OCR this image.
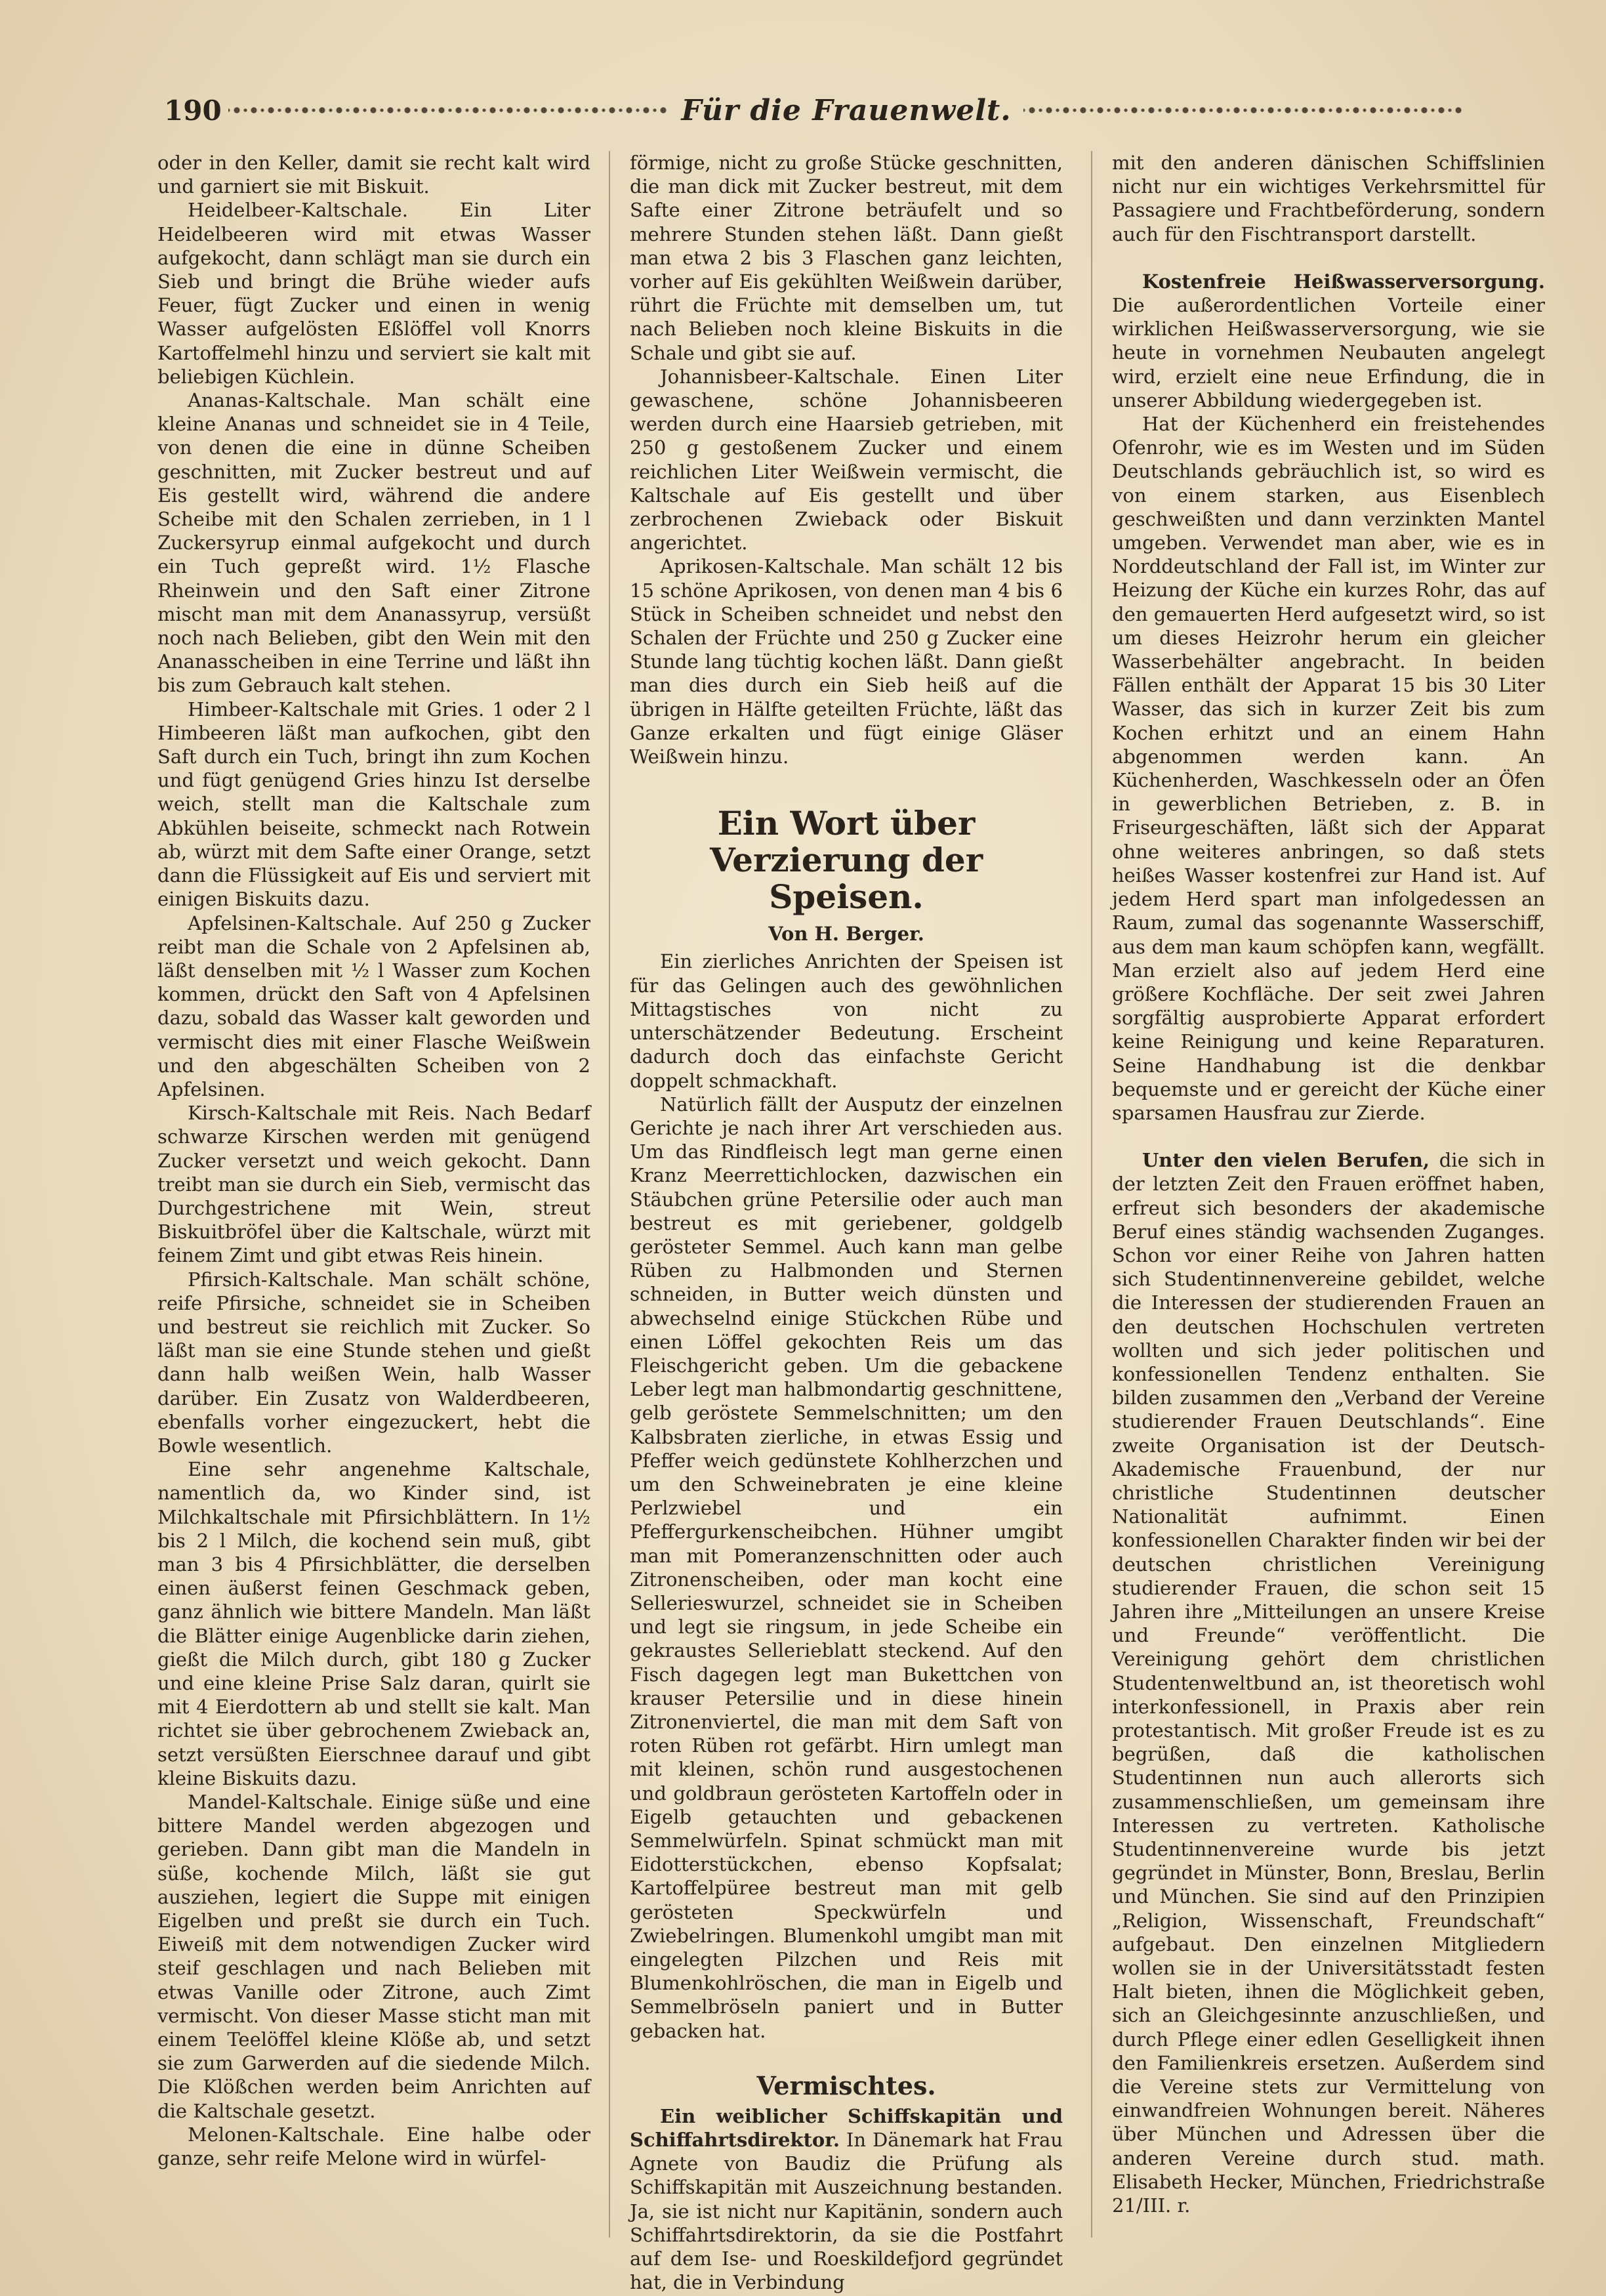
190	Für die Frauenwelt.

oder in den Keller, damit sie recht kalt wird und garniert sie mit Biskuit.

Heidelbeer-Kaltschale. Ein Liter Heidelbeeren wird mit etwas Wasser aufgekocht, dann schlägt man sie durch ein Sieb und bringt die Brühe wieder aufs Feuer, fügt Zucker und einen in wenig Wasser aufgelösten Eßlöffel voll Knorrs Kartoffelmehl hinzu und serviert sie kalt mit beliebigen Küchlein.

Ananas-Kaltschale. Man schält eine kleine Ananas und schneidet sie in 4 Teile, von denen die eine in dünne Scheiben geschnitten, mit Zucker bestreut und auf Eis gestellt wird, während die andere Scheibe mit den Schalen zerrieben, in 1 l Zuckersyrup einmal aufgekocht und durch ein Tuch gepreßt wird. 1½ Flasche Rheinwein und den Saft einer Zitrone mischt man mit dem Ananassyrup, versüßt noch nach Belieben, gibt den Wein mit den Ananasscheiben in eine Terrine und läßt ihn bis zum Gebrauch kalt stehen.

Himbeer-Kaltschale mit Gries. 1 oder 2 l Himbeeren läßt man aufkochen, gibt den Saft durch ein Tuch, bringt ihn zum Kochen und fügt genügend Gries hinzu Ist derselbe weich, stellt man die Kaltschale zum Abkühlen beiseite, schmeckt nach Rotwein ab, würzt mit dem Safte einer Orange, setzt dann die Flüssigkeit auf Eis und serviert mit einigen Biskuits dazu.

Apfelsinen-Kaltschale. Auf 250 g Zucker reibt man die Schale von 2 Apfelsinen ab, läßt denselben mit ½ l Wasser zum Kochen kommen, drückt den Saft von 4 Apfelsinen dazu, sobald das Wasser kalt geworden und vermischt dies mit einer Flasche Weißwein und den abgeschälten Scheiben von 2 Apfelsinen.

Kirsch-Kaltschale mit Reis. Nach Bedarf schwarze Kirschen werden mit genügend Zucker versetzt und weich gekocht. Dann treibt man sie durch ein Sieb, vermischt das Durchgestrichene mit Wein, streut Biskuitbröfel über die Kaltschale, würzt mit feinem Zimt und gibt etwas Reis hinein.

Pfirsich-Kaltschale. Man schält schöne, reife Pfirsiche, schneidet sie in Scheiben und bestreut sie reichlich mit Zucker. So läßt man sie eine Stunde stehen und gießt dann halb weißen Wein, halb Wasser darüber. Ein Zusatz von Walderdbeeren, ebenfalls vorher eingezuckert, hebt die Bowle wesentlich.

Eine sehr angenehme Kaltschale, namentlich da, wo Kinder sind, ist Milchkaltschale mit Pfirsichblättern. In 1½ bis 2 l Milch, die kochend sein muß, gibt man 3 bis 4 Pfirsichblätter, die derselben einen äußerst feinen Geschmack geben, ganz ähnlich wie bittere Mandeln. Man läßt die Blätter einige Augenblicke darin ziehen, gießt die Milch durch, gibt 180 g Zucker und eine kleine Prise Salz daran, quirlt sie mit 4 Eierdottern ab und stellt sie kalt. Man richtet sie über gebrochenem Zwieback an, setzt versüßten Eierschnee darauf und gibt kleine Biskuits dazu.

Mandel-Kaltschale. Einige süße und eine bittere Mandel werden abgezogen und gerieben. Dann gibt man die Mandeln in süße, kochende Milch, läßt sie gut ausziehen, legiert die Suppe mit einigen Eigelben und preßt sie durch ein Tuch. Eiweiß mit dem notwendigen Zucker wird steif geschlagen und nach Belieben mit etwas Vanille oder Zitrone, auch Zimt vermischt. Von dieser Masse sticht man mit einem Teelöffel kleine Klöße ab, und setzt sie zum Garwerden auf die siedende Milch. Die Klößchen werden beim Anrichten auf die Kaltschale gesetzt.

Melonen-Kaltschale. Eine halbe oder ganze, sehr reife Melone wird in würfel-

förmige, nicht zu große Stücke geschnitten, die man dick mit Zucker bestreut, mit dem Safte einer Zitrone beträufelt und so mehrere Stunden stehen läßt. Dann gießt man etwa 2 bis 3 Flaschen ganz leichten, vorher auf Eis gekühlten Weißwein darüber, rührt die Früchte mit demselben um, tut nach Belieben noch kleine Biskuits in die Schale und gibt sie auf.

Johannisbeer-Kaltschale. Einen Liter gewaschene, schöne Johannisbeeren werden durch eine Haarsieb getrieben, mit 250 g gestoßenem Zucker und einem reichlichen Liter Weißwein vermischt, die Kaltschale auf Eis gestellt und über zerbrochenen Zwieback oder Biskuit angerichtet.

Aprikosen-Kaltschale. Man schält 12 bis 15 schöne Aprikosen, von denen man 4 bis 6 Stück in Scheiben schneidet und nebst den Schalen der Früchte und 250 g Zucker eine Stunde lang tüchtig kochen läßt. Dann gießt man dies durch ein Sieb heiß auf die übrigen in Hälfte geteilten Früchte, läßt das Ganze erkalten und fügt einige Gläser Weißwein hinzu.

Ein Wort über Verzierung der Speisen.
Von H. Berger.

Ein zierliches Anrichten der Speisen ist für das Gelingen auch des gewöhnlichen Mittagstisches von nicht zu unterschätzender Bedeutung. Erscheint dadurch doch das einfachste Gericht doppelt schmackhaft.

Natürlich fällt der Ausputz der einzelnen Gerichte je nach ihrer Art verschieden aus. Um das Rindfleisch legt man gerne einen Kranz Meerrettichlocken, dazwischen ein Stäubchen grüne Petersilie oder auch man bestreut es mit geriebener, goldgelb gerösteter Semmel. Auch kann man gelbe Rüben zu Halbmonden und Sternen schneiden, in Butter weich dünsten und abwechselnd einige Stückchen Rübe und einen Löffel gekochten Reis um das Fleischgericht geben. Um die gebackene Leber legt man halbmondartig geschnittene, gelb geröstete Semmelschnitten; um den Kalbsbraten zierliche, in etwas Essig und Pfeffer weich gedünstete Kohlherzchen und um den Schweinebraten je eine kleine Perlzwiebel und ein Pfeffergurkenscheibchen. Hühner umgibt man mit Pomeranzenschnitten oder auch Zitronenscheiben, oder man kocht eine Sellerieswurzel, schneidet sie in Scheiben und legt sie ringsum, in jede Scheibe ein gekraustes Sellerieblatt steckend. Auf den Fisch dagegen legt man Bukettchen von krauser Petersilie und in diese hinein Zitronenviertel, die man mit dem Saft von roten Rüben rot gefärbt. Hirn umlegt man mit kleinen, schön rund ausgestochenen und goldbraun gerösteten Kartoffeln oder in Eigelb getauchten und gebackenen Semmelwürfeln. Spinat schmückt man mit Eidotterstückchen, ebenso Kopfsalat; Kartoffelpüree bestreut man mit gelb gerösteten Speckwürfeln und Zwiebelringen. Blumenkohl umgibt man mit eingelegten Pilzchen und Reis mit Blumenkohlröschen, die man in Eigelb und Semmelbröseln paniert und in Butter gebacken hat.

Vermischtes.

Ein weiblicher Schiffskapitän und Schiffahrtsdirektor. In Dänemark hat Frau Agnete von Baudiz die Prüfung als Schiffskapitän mit Auszeichnung bestanden. Ja, sie ist nicht nur Kapitänin, sondern auch Schiffahrtsdirektorin, da sie die Postfahrt auf dem Ise- und Roeskildefjord gegründet hat, die in Verbindung

mit den anderen dänischen Schiffslinien nicht nur ein wichtiges Verkehrsmittel für Passagiere und Frachtbeförderung, sondern auch für den Fischtransport darstellt.

Kostenfreie Heißwasserversorgung. Die außerordentlichen Vorteile einer wirklichen Heißwasserversorgung, wie sie heute in vornehmen Neubauten angelegt wird, erzielt eine neue Erfindung, die in unserer Abbildung wiedergegeben ist.

Hat der Küchenherd ein freistehendes Ofenrohr, wie es im Westen und im Süden Deutschlands gebräuchlich ist, so wird es von einem starken, aus Eisenblech geschweißten und dann verzinkten Mantel umgeben. Verwendet man aber, wie es in Norddeutschland der Fall ist, im Winter zur Heizung der Küche ein kurzes Rohr, das auf den gemauerten Herd aufgesetzt wird, so ist um dieses Heizrohr herum ein gleicher Wasserbehälter angebracht. In beiden Fällen enthält der Apparat 15 bis 30 Liter Wasser, das sich in kurzer Zeit bis zum Kochen erhitzt und an einem Hahn abgenommen werden kann. An Küchenherden, Waschkesseln oder an Öfen in gewerblichen Betrieben, z. B. in Friseurgeschäften, läßt sich der Apparat ohne weiteres anbringen, so daß stets heißes Wasser kostenfrei zur Hand ist. Auf jedem Herd spart man infolgedessen an Raum, zumal das sogenannte Wasserschiff, aus dem man kaum schöpfen kann, wegfällt. Man erzielt also auf jedem Herd eine größere Kochfläche. Der seit zwei Jahren sorgfältig ausprobierte Apparat erfordert keine Reinigung und keine Reparaturen. Seine Handhabung ist die denkbar bequemste und er gereicht der Küche einer sparsamen Hausfrau zur Zierde.

Unter den vielen Berufen, die sich in der letzten Zeit den Frauen eröffnet haben, erfreut sich besonders der akademische Beruf eines ständig wachsenden Zuganges. Schon vor einer Reihe von Jahren hatten sich Studentinnenvereine gebildet, welche die Interessen der studierenden Frauen an den deutschen Hochschulen vertreten wollten und sich jeder politischen und konfessionellen Tendenz enthalten. Sie bilden zusammen den „Verband der Vereine studierender Frauen Deutschlands“. Eine zweite Organisation ist der Deutsch-Akademische Frauenbund, der nur christliche Studentinnen deutscher Nationalität aufnimmt. Einen konfessionellen Charakter finden wir bei der deutschen christlichen Vereinigung studierender Frauen, die schon seit 15 Jahren ihre „Mitteilungen an unsere Kreise und Freunde“ veröffentlicht. Die Vereinigung gehört dem christlichen Studentenweltbund an, ist theoretisch wohl interkonfessionell, in Praxis aber rein protestantisch. Mit großer Freude ist es zu begrüßen, daß die katholischen Studentinnen nun auch allerorts sich zusammenschließen, um gemeinsam ihre Interessen zu vertreten. Katholische Studentinnenvereine wurde bis jetzt gegründet in Münster, Bonn, Breslau, Berlin und München. Sie sind auf den Prinzipien „Religion, Wissenschaft, Freundschaft“ aufgebaut. Den einzelnen Mitgliedern wollen sie in der Universitätsstadt festen Halt bieten, ihnen die Möglichkeit geben, sich an Gleichgesinnte anzuschließen, und durch Pflege einer edlen Geselligkeit ihnen den Familienkreis ersetzen. Außerdem sind die Vereine stets zur Vermittelung von einwandfreien Wohnungen bereit. Näheres über München und Adressen über die anderen Vereine durch stud. math. Elisabeth Hecker, München, Friedrichstraße 21/III. r.
